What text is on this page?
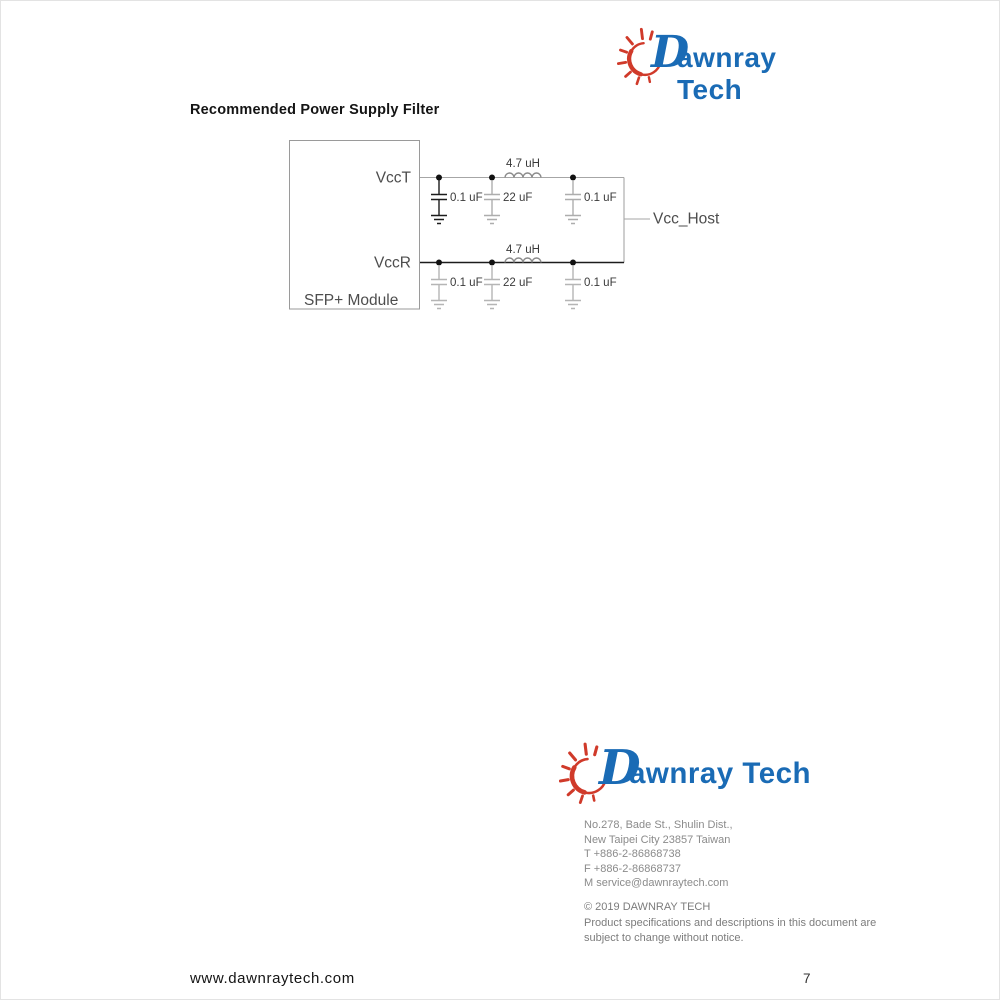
D
awnray Tech
Recommended Power Supply Filter
VccT
VccR
SFP+ Module
Vcc_Host
4.7 uH
4.7 uH
0.1 uF 22 uF	0.1 uF
0.1 uF 22 uF	0.1 uF
D
awnray Tech
No.278, Bade St., Shulin Dist.,
New Taipei City 23857 Taiwan
T +886-2-86868738
F +886-2-86868737
M service@dawnraytech.com
© 2019 DAWNRAY TECH
Product specifications and descriptions in this document are
subject to change without notice.
www.dawnraytech.com	7
